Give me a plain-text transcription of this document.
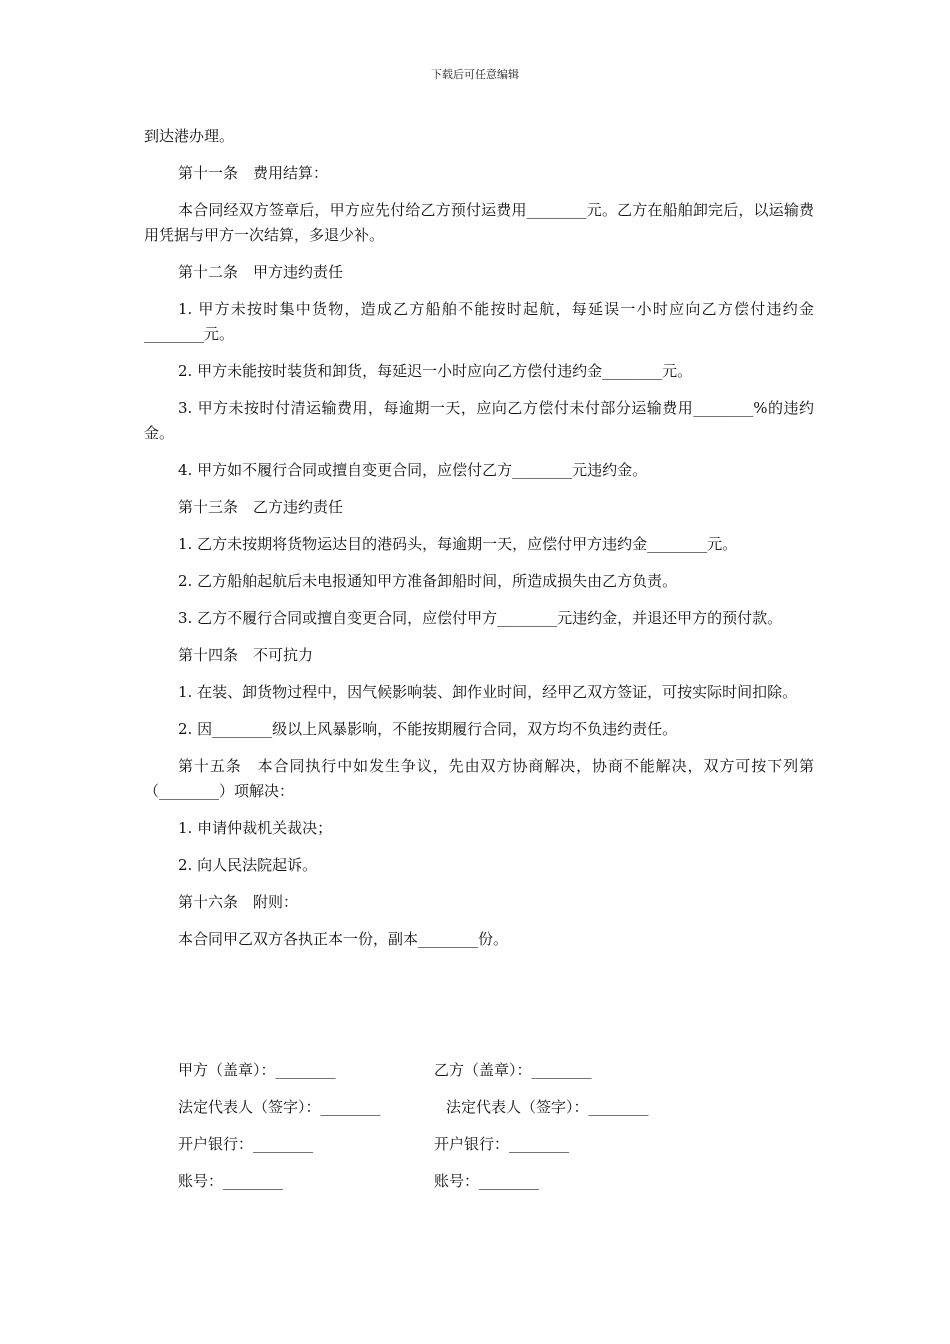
下载后可任意编辑

到达港办理。

第十一条　费用结算：

本合同经双方签章后，甲方应先付给乙方预付运费用________元。乙方在船舶卸完后，以运输费用凭据与甲方一次结算，多退少补。

第十二条　甲方违约责任

1. 甲方未按时集中货物，造成乙方船舶不能按时起航，每延误一小时应向乙方偿付违约金________元。

2. 甲方未能按时装货和卸货，每延迟一小时应向乙方偿付违约金________元。

3. 甲方未按时付清运输费用，每逾期一天，应向乙方偿付未付部分运输费用________%的违约金。

4. 甲方如不履行合同或擅自变更合同，应偿付乙方________元违约金。

第十三条　乙方违约责任

1. 乙方未按期将货物运达目的港码头，每逾期一天，应偿付甲方违约金________元。

2. 乙方船舶起航后未电报通知甲方准备卸船时间，所造成损失由乙方负责。

3. 乙方不履行合同或擅自变更合同，应偿付甲方________元违约金，并退还甲方的预付款。

第十四条　不可抗力

1. 在装、卸货物过程中，因气候影响装、卸作业时间，经甲乙双方签证，可按实际时间扣除。

2. 因________级以上风暴影响，不能按期履行合同，双方均不负违约责任。

第十五条　本合同执行中如发生争议，先由双方协商解决，协商不能解决，双方可按下列第（________）项解决：

1. 申请仲裁机关裁决；

2. 向人民法院起诉。

第十六条　附则：

本合同甲乙双方各执正本一份，副本________份。

甲方（盖章）：________	乙方（盖章）：________
法定代表人（签字）：________	法定代表人（签字）：________
开户银行：________	开户银行：________
账号：________	账号：________
